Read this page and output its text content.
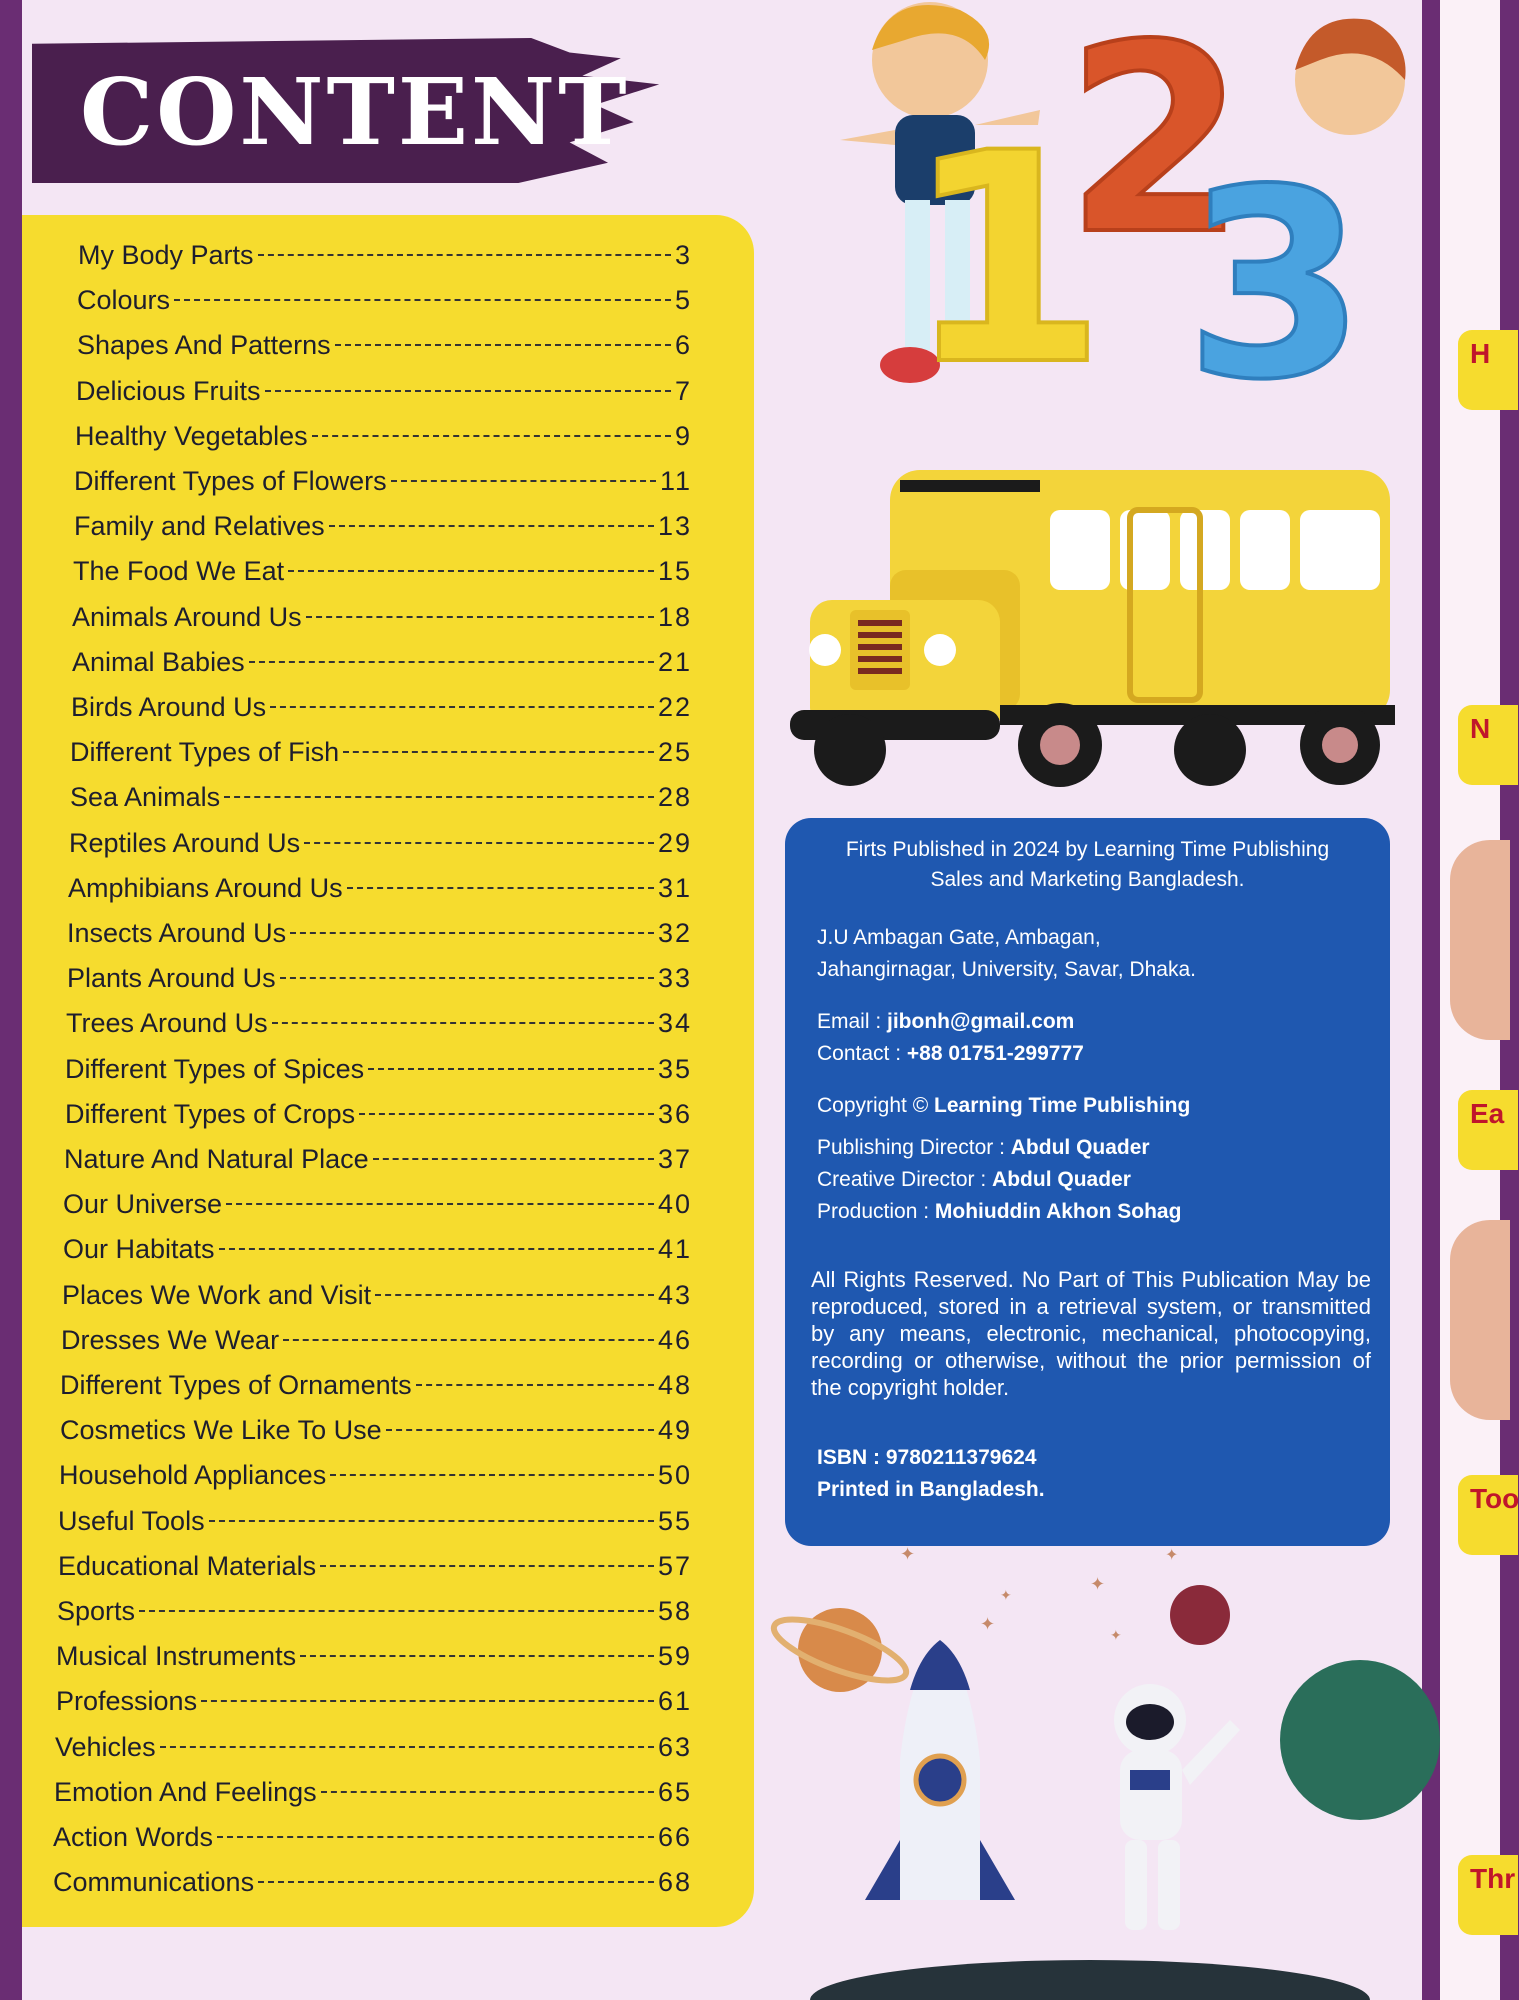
CONTENT
My Body Parts	3
Colours	5
Shapes And Patterns	6
Delicious Fruits	7
Healthy Vegetables	9
Different Types of Flowers	11
Family and Relatives	13
The Food We Eat	15
Animals Around Us	18
Animal Babies	21
Birds Around Us	22
Different Types of Fish	25
Sea Animals	28
Reptiles Around Us	29
Amphibians Around Us	31
Insects Around Us	32
Plants Around Us	33
Trees Around Us	34
Different Types of Spices	35
Different Types of Crops	36
Nature And Natural Place	37
Our Universe	40
Our Habitats	41
Places We Work and Visit	43
Dresses We Wear	46
Different Types of Ornaments	48
Cosmetics We Like To Use	49
Household Appliances	50
Useful Tools	55
Educational Materials	57
Sports	58
Musical Instruments	59
Professions	61
Vehicles	63
Emotion And Feelings	65
Action Words	66
Communications	68
1
2
3
Firts Published in 2024 by Learning Time Publishing
Sales and Marketing Bangladesh.
J.U Ambagan Gate, Ambagan,
Jahangirnagar, University, Savar, Dhaka.
Email : jibonh@gmail.com
Contact : +88 01751-299777
Copyright © Learning Time Publishing
Publishing Director : Abdul Quader
Creative Director : Abdul Quader
Production : Mohiuddin Akhon Sohag
All Rights Reserved. No Part of This Publication May be reproduced, stored in a retrieval system, or transmitted by any means, electronic, mechanical, photocopying, recording or otherwise, without the prior permission of the copyright holder.
ISBN : 9780211379624
Printed in Bangladesh.
✦
✦
✦
✦
✦
✦
H
N
Ea
Too
Thr
